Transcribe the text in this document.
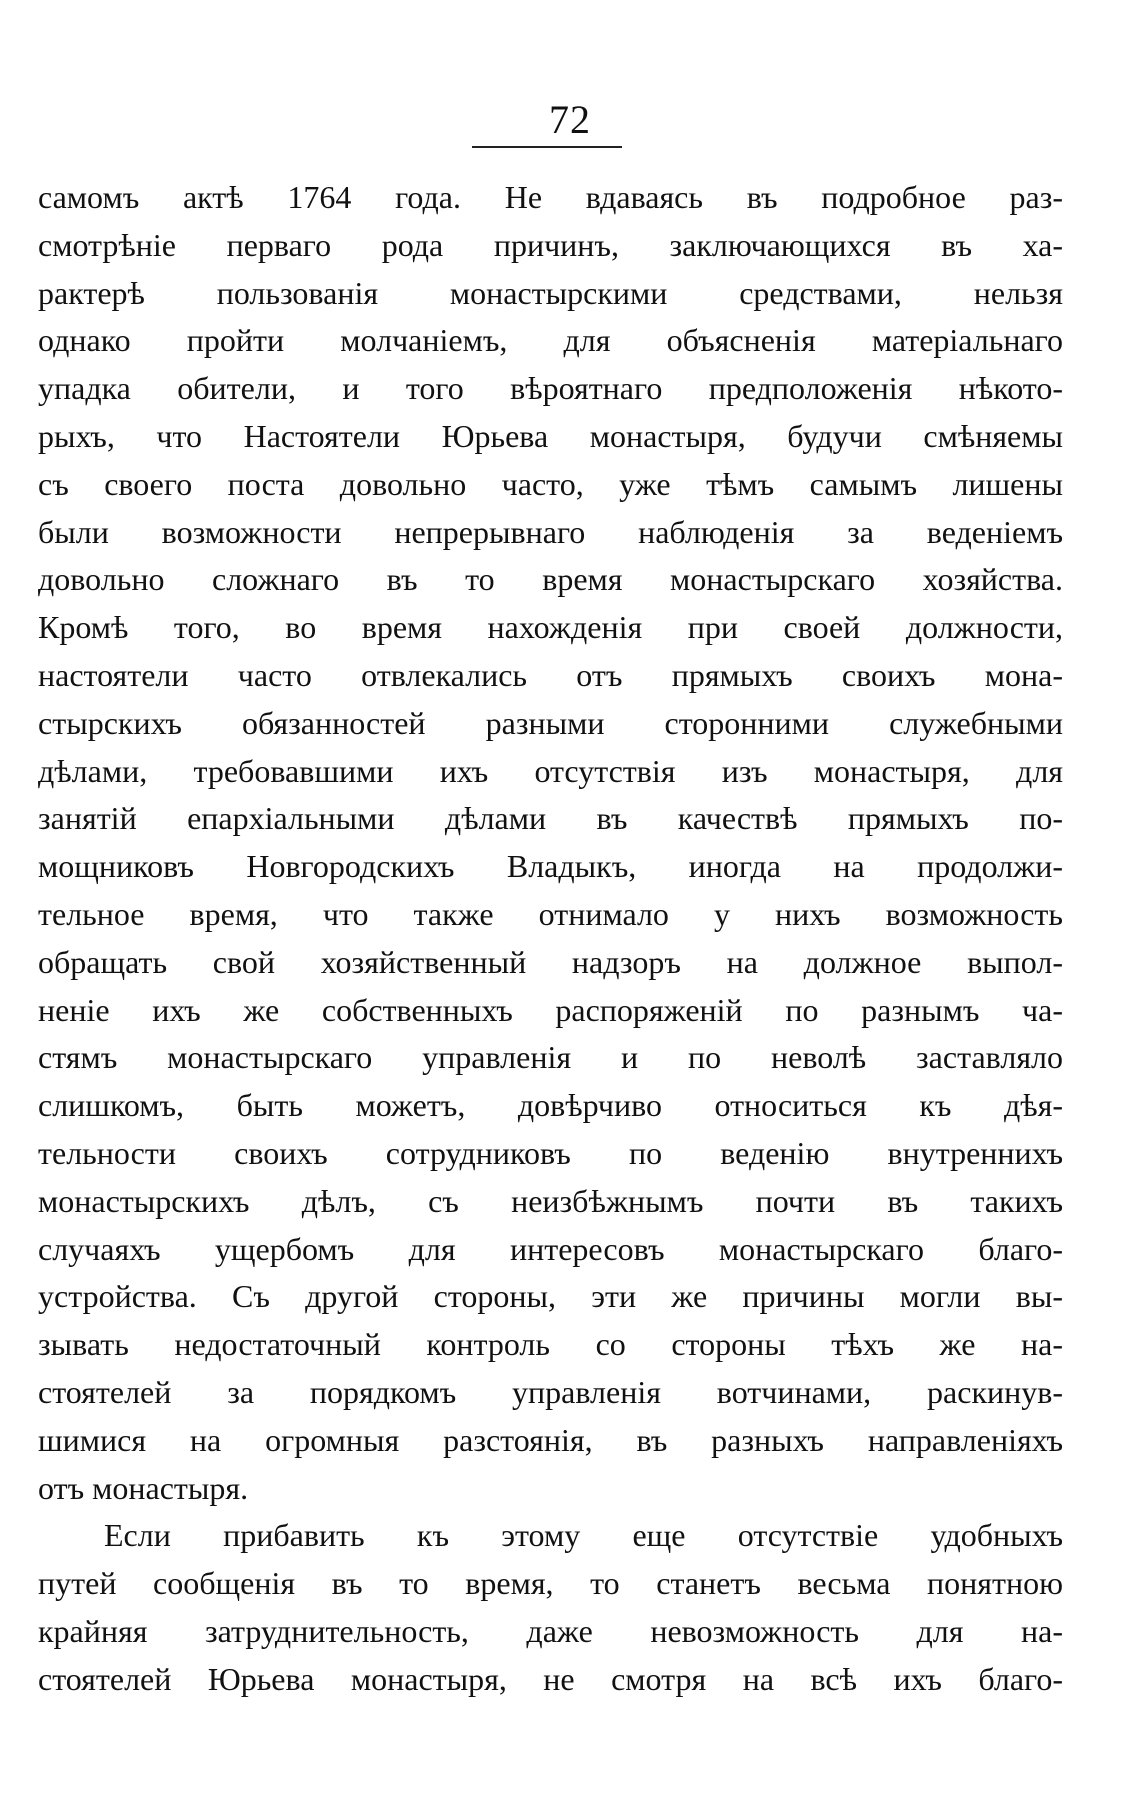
72
самомъ актѣ 1764 года. Не вдаваясь въ подробное раз-
смотрѣніе перваго рода причинъ, заключающихся въ ха-
рактерѣ пользованія монастырскими средствами, нельзя
однако пройти молчаніемъ, для объясненія матеріальнаго
упадка обители, и того вѣроятнаго предположенія нѣкото-
рыхъ, что Настоятели Юрьева монастыря, будучи смѣняемы
съ своего поста довольно часто, уже тѣмъ самымъ лишены
были возможности непрерывнаго наблюденія за веденіемъ
довольно сложнаго въ то время монастырскаго хозяйства.
Кромѣ того, во время нахожденія при своей должности,
настоятели часто отвлекались отъ прямыхъ своихъ мона-
стырскихъ обязанностей разными сторонними служебными
дѣлами, требовавшими ихъ отсутствія изъ монастыря, для
занятій епархіальными дѣлами въ качествѣ прямыхъ по-
мощниковъ Новгородскихъ Владыкъ, иногда на продолжи-
тельное время, что также отнимало у нихъ возможность
обращать свой хозяйственный надзоръ на должное выпол-
неніе ихъ же собственныхъ распоряженій по разнымъ ча-
стямъ монастырскаго управленія и по неволѣ заставляло
слишкомъ, быть можетъ, довѣрчиво относиться къ дѣя-
тельности своихъ сотрудниковъ по веденію внутреннихъ
монастырскихъ дѣлъ, съ неизбѣжнымъ почти въ такихъ
случаяхъ ущербомъ для интересовъ монастырскаго благо-
устройства. Съ другой стороны, эти же причины могли вы-
зывать недостаточный контроль со стороны тѣхъ же на-
стоятелей за порядкомъ управленія вотчинами, раскинув-
шимися на огромныя разстоянія, въ разныхъ направленіяхъ
отъ монастыря.
Если прибавить къ этому еще отсутствіе удобныхъ
путей сообщенія въ то время, то станетъ весьма понятною
крайняя затруднительность, даже невозможность для на-
стоятелей Юрьева монастыря, не смотря на всѣ ихъ благо-
